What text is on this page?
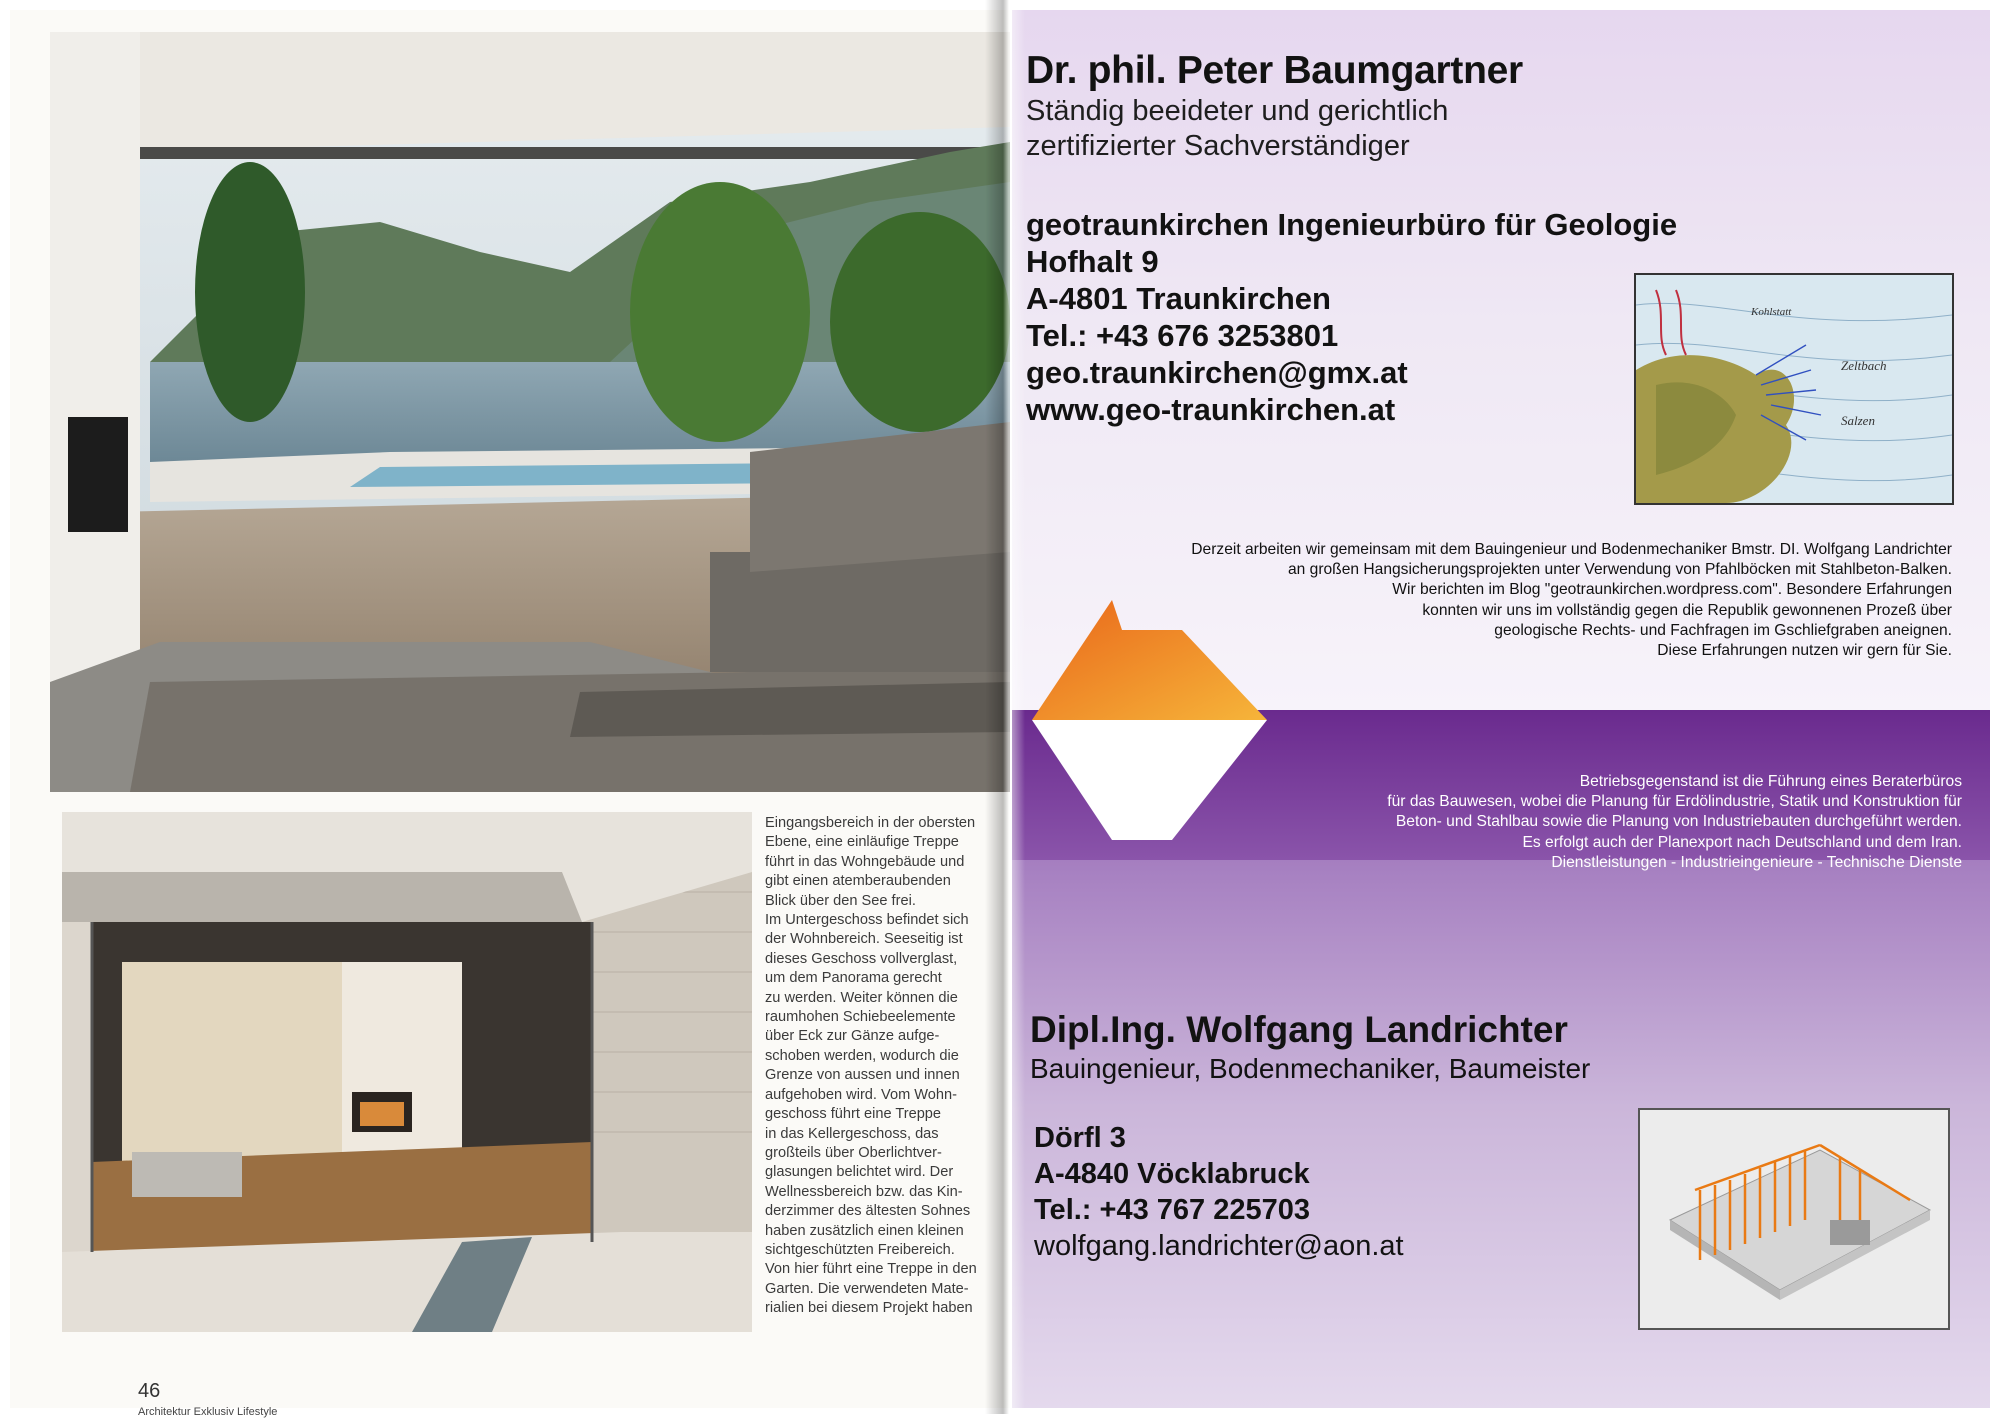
Eingangsbereich in der obersten
Ebene, eine einläufige Treppe
führt in das Wohngebäude und
gibt einen atemberaubenden
Blick über den See frei.
Im Untergeschoss befindet sich
der Wohnbereich. Seeseitig ist
dieses Geschoss vollverglast,
um dem Panorama gerecht
zu werden. Weiter können die
raumhohen Schiebeelemente
über Eck zur Gänze aufge-
schoben werden, wodurch die
Grenze von aussen und innen
aufgehoben wird. Vom Wohn-
geschoss führt eine Treppe
in das Kellergeschoss, das
großteils über Oberlichtver-
glasungen belichtet wird. Der
Wellnessbereich bzw. das Kin-
derzimmer des ältesten Sohnes
haben zusätzlich einen kleinen
sichtgeschützten Freibereich.
Von hier führt eine Treppe in den
Garten. Die verwendeten Mate-
rialien bei diesem Projekt haben
46
Architektur Exklusiv Lifestyle
Dr. phil. Peter Baumgartner
Ständig beeideter und gerichtlich
zertifizierter Sachverständiger
geotraunkirchen Ingenieurbüro für Geologie
Hofhalt 9
A-4801 Traunkirchen
Tel.: +43 676 3253801
geo.traunkirchen@gmx.at
www.geo-traunkirchen.at
Zeltbach
Salzen
Kohlstatt
Derzeit arbeiten wir gemeinsam mit dem Bauingenieur und Bodenmechaniker Bmstr. DI. Wolfgang Landrichter
an großen Hangsicherungsprojekten unter Verwendung von Pfahlböcken mit Stahlbeton-Balken.
Wir berichten im Blog "geotraunkirchen.wordpress.com". Besondere Erfahrungen
konnten wir uns im vollständig gegen die Republik gewonnenen Prozeß über
geologische Rechts- und Fachfragen im Gschliefgraben aneignen.
Diese Erfahrungen nutzen wir gern für Sie.
Betriebsgegenstand ist die Führung eines Beraterbüros
für das Bauwesen, wobei die Planung für Erdölindustrie, Statik und Konstruktion für
Beton- und Stahlbau sowie die Planung von Industriebauten durchgeführt werden.
Es erfolgt auch der Planexport nach Deutschland und dem Iran.
Dienstleistungen - Industrieingenieure - Technische Dienste
Dipl.Ing. Wolfgang Landrichter
Bauingenieur, Bodenmechaniker, Baumeister
Dörfl 3
A-4840 Vöcklabruck
Tel.: +43 767 225703
wolfgang.landrichter@aon.at
